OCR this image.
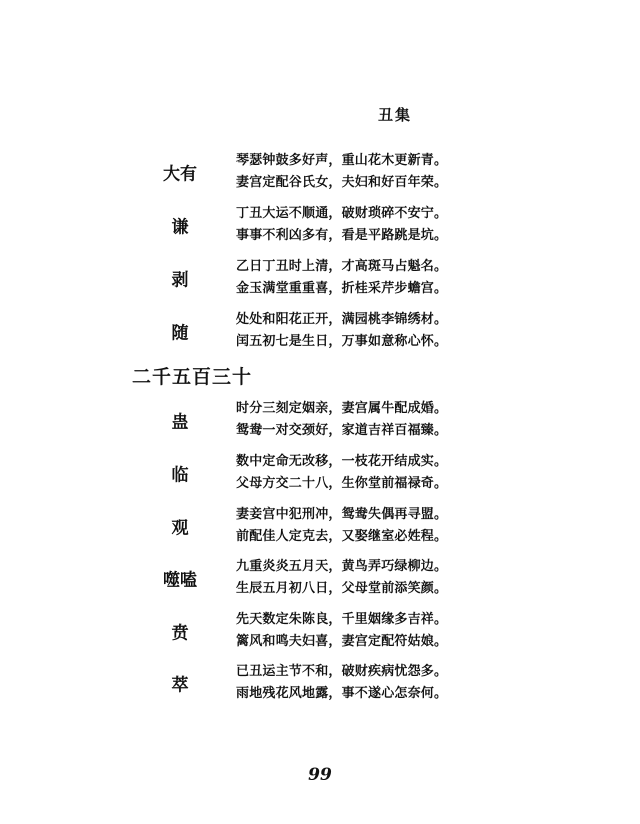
丑集
大有
琴瑟钟鼓多好声，重山花木更新青。
妻宫定配谷氏女，夫妇和好百年荣。
谦
丁丑大运不顺通，破财琐碎不安宁。
事事不利凶多有，看是平路跳是坑。
剥
乙日丁丑时上清，才高斑马占魁名。
金玉满堂重重喜，折桂采芹步蟾宫。
随
处处和阳花正开，满园桃李锦绣材。
闰五初七是生日，万事如意称心怀。
二千五百三十
蛊
时分三刻定姻亲，妻宫属牛配成婚。
鸳鸯一对交颈好，家道吉祥百福臻。
临
数中定命无改移，一枝花开结成实。
父母方交二十八，生你堂前福禄奇。
观
妻妾宫中犯刑冲，鸳鸯失偶再寻盟。
前配佳人定克去，又娶继室必姓程。
噬嗑
九重炎炎五月天，黄鸟弄巧绿柳边。
生辰五月初八日，父母堂前添笑颜。
贲
先天数定朱陈良，千里姻缘多吉祥。
篱风和鸣夫妇喜，妻宫定配符姑娘。
萃
已丑运主节不和，破财疾病忧怨多。
雨地残花风地露，事不遂心怎奈何。
99
